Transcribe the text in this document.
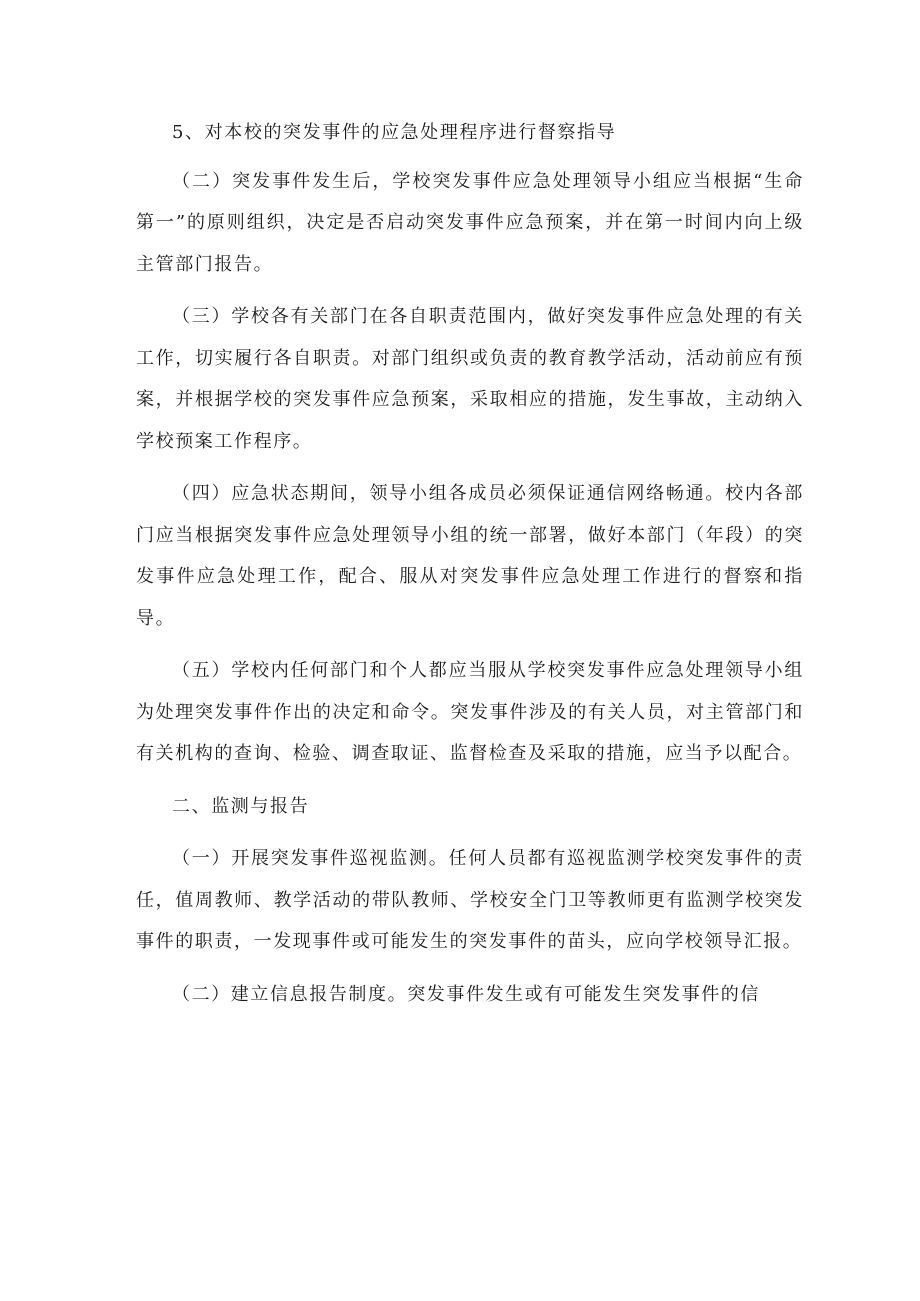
5、对本校的突发事件的应急处理程序进行督察指导

（二）突发事件发生后，学校突发事件应急处理领导小组应当根据“生命第一”的原则组织，决定是否启动突发事件应急预案，并在第一时间内向上级主管部门报告。

（三）学校各有关部门在各自职责范围内，做好突发事件应急处理的有关工作，切实履行各自职责。对部门组织或负责的教育教学活动，活动前应有预案，并根据学校的突发事件应急预案，采取相应的措施，发生事故，主动纳入学校预案工作程序。

（四）应急状态期间，领导小组各成员必须保证通信网络畅通。校内各部门应当根据突发事件应急处理领导小组的统一部署，做好本部门（年段）的突发事件应急处理工作，配合、服从对突发事件应急处理工作进行的督察和指导。

（五）学校内任何部门和个人都应当服从学校突发事件应急处理领导小组为处理突发事件作出的决定和命令。突发事件涉及的有关人员，对主管部门和有关机构的查询、检验、调查取证、监督检查及采取的措施，应当予以配合。

二、监测与报告

（一）开展突发事件巡视监测。任何人员都有巡视监测学校突发事件的责任，值周教师、教学活动的带队教师、学校安全门卫等教师更有监测学校突发事件的职责，一发现事件或可能发生的突发事件的苗头，应向学校领导汇报。

（二）建立信息报告制度。突发事件发生或有可能发生突发事件的信
